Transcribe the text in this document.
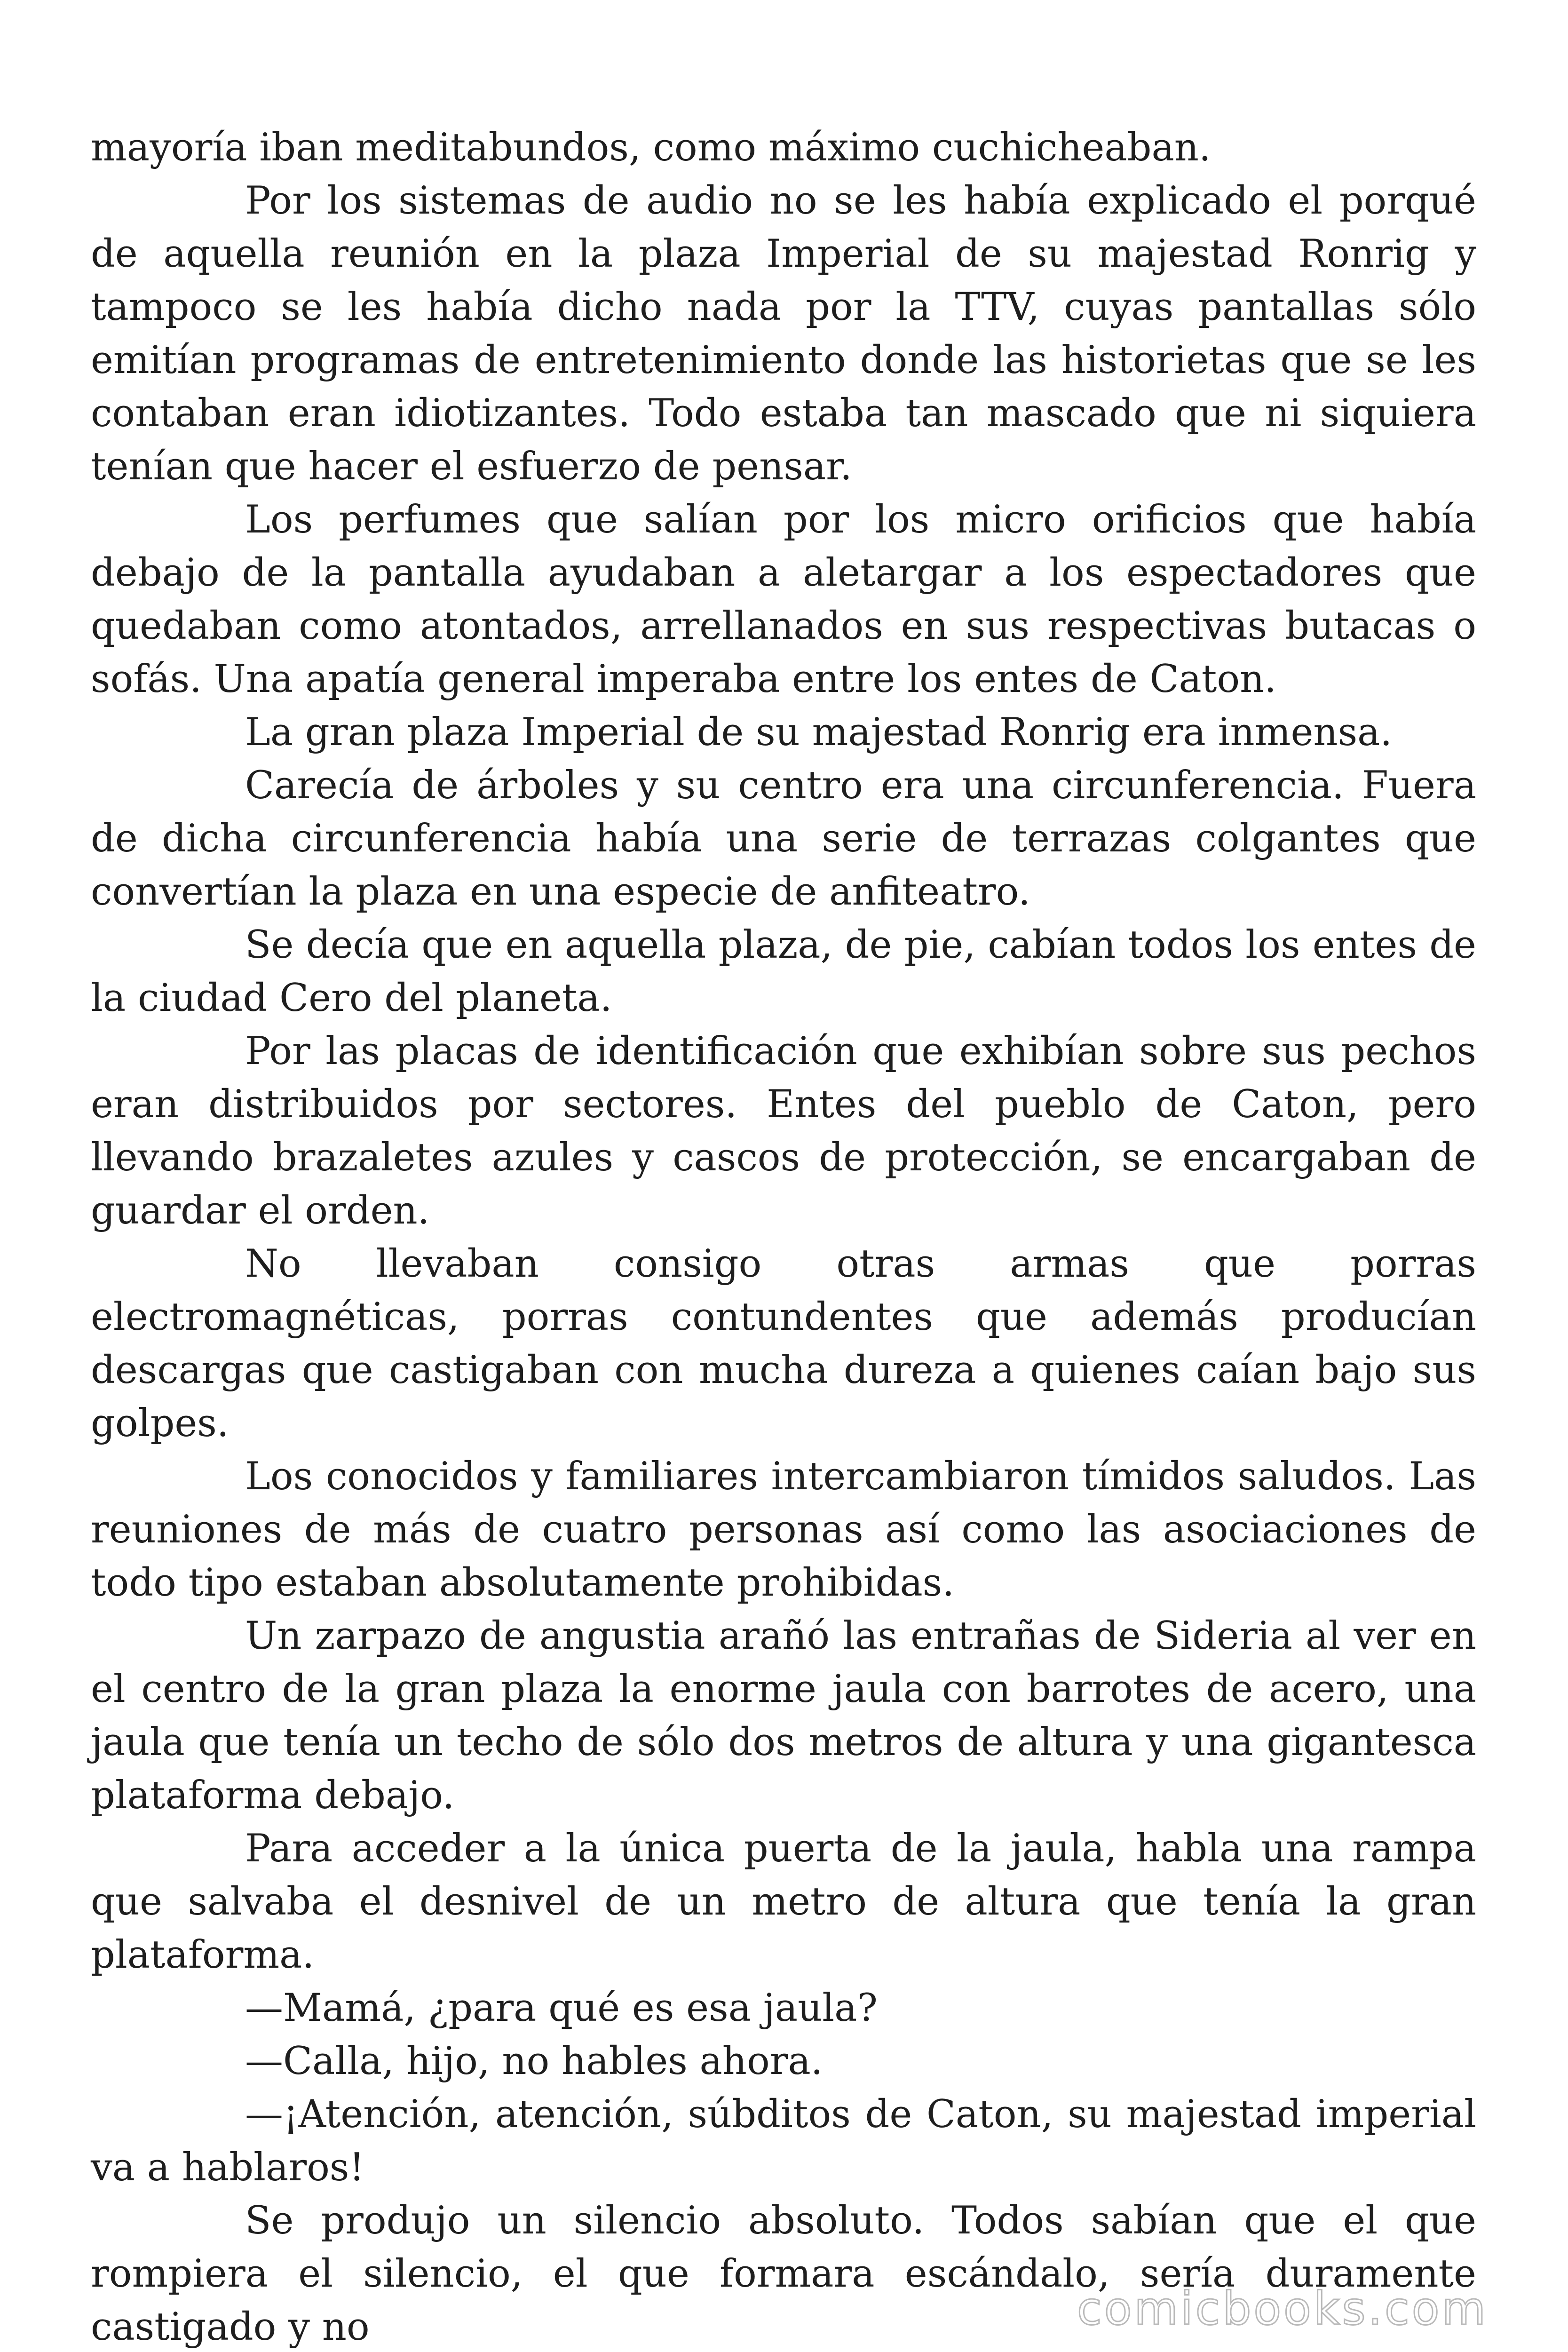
mayoría iban meditabundos, como máximo cuchicheaban.

Por los sistemas de audio no se les había explicado el porqué de aquella reunión en la plaza Imperial de su majestad Ronrig y tampoco se les había dicho nada por la TTV, cuyas pantallas sólo emitían programas de entretenimiento donde las historietas que se les contaban eran idiotizantes. Todo estaba tan mascado que ni siquiera tenían que hacer el esfuerzo de pensar.

Los perfumes que salían por los micro orificios que había debajo de la pantalla ayudaban a aletargar a los espectadores que quedaban como atontados, arrellanados en sus respectivas butacas o sofás. Una apatía general imperaba entre los entes de Caton.

La gran plaza Imperial de su majestad Ronrig era inmensa.

Carecía de árboles y su centro era una circunferencia. Fuera de dicha circunferencia había una serie de terrazas colgantes que convertían la plaza en una especie de anfiteatro.

Se decía que en aquella plaza, de pie, cabían todos los entes de la ciudad Cero del planeta.

Por las placas de identificación que exhibían sobre sus pechos eran distribuidos por sectores. Entes del pueblo de Caton, pero llevando brazaletes azules y cascos de protección, se encargaban de guardar el orden.

No llevaban consigo otras armas que porras electromagnéticas, porras contundentes que además producían descargas que castigaban con mucha dureza a quienes caían bajo sus golpes.

Los conocidos y familiares intercambiaron tímidos saludos. Las reuniones de más de cuatro personas así como las asociaciones de todo tipo estaban absolutamente prohibidas.

Un zarpazo de angustia arañó las entrañas de Sideria al ver en el centro de la gran plaza la enorme jaula con barrotes de acero, una jaula que tenía un techo de sólo dos metros de altura y una gigantesca plataforma debajo.

Para acceder a la única puerta de la jaula, habla una rampa que salvaba el desnivel de un metro de altura que tenía la gran plataforma.

—Mamá, ¿para qué es esa jaula?

—Calla, hijo, no hables ahora.

—¡Atención, atención, súbditos de Caton, su majestad imperial va a hablaros!

Se produjo un silencio absoluto. Todos sabían que el que rompiera el silencio, el que formara escándalo, sería duramente castigado y no	comicbooks.com
